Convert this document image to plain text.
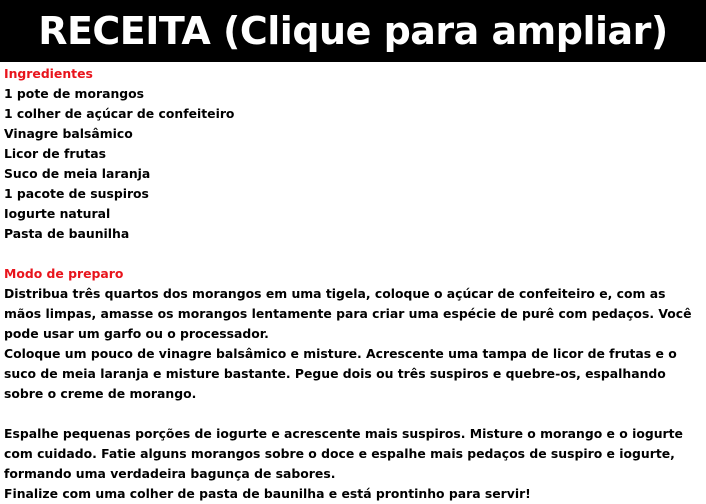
RECEITA (Clique para ampliar)
Ingredientes
1 pote de morangos
1 colher de açúcar de confeiteiro
Vinagre balsâmico
Licor de frutas
Suco de meia laranja
1 pacote de suspiros
Iogurte natural
Pasta de baunilha
Modo de preparo
Distribua três quartos dos morangos em uma tigela, coloque o açúcar de confeiteiro e, com as mãos limpas, amasse os morangos lentamente para criar uma espécie de purê com pedaços. Você pode usar um garfo ou o processador.
Coloque um pouco de vinagre balsâmico e misture. Acrescente uma tampa de licor de frutas e o suco de meia laranja e misture bastante. Pegue dois ou três suspiros e quebre-os, espalhando sobre o creme de morango.
Espalhe pequenas porções de iogurte e acrescente mais suspiros. Misture o morango e o iogurte com cuidado. Fatie alguns morangos sobre o doce e espalhe mais pedaços de suspiro e iogurte, formando uma verdadeira bagunça de sabores.
Finalize com uma colher de pasta de baunilha e está prontinho para servir!
